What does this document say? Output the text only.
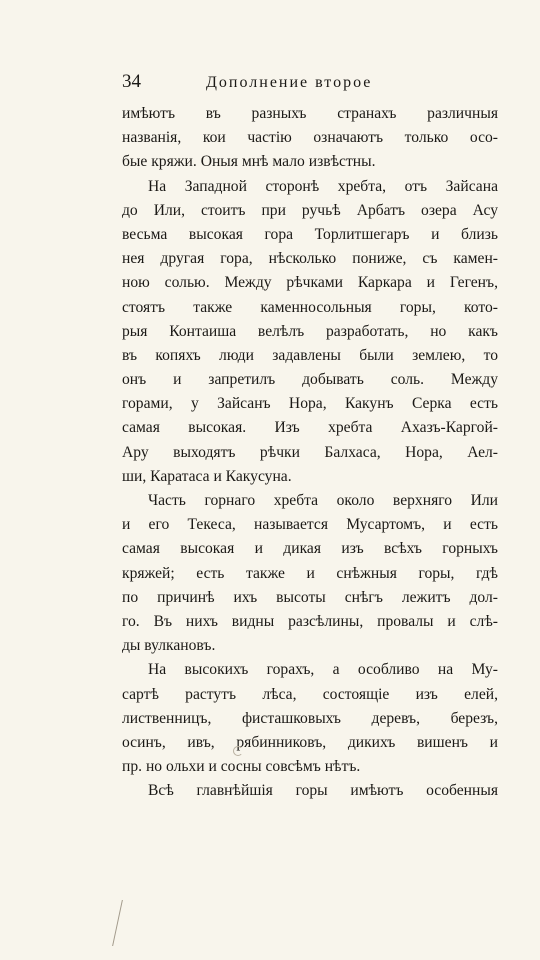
34	Дополнение второе
имѣютъ въ разныхъ странахъ различныя
названія, кои частію означаютъ только осо-
бые кряжи. Оныя мнѣ мало извѣстны.
На Западной сторонѣ хребта, отъ Зайсана
до Или, стоитъ при ручьѣ Арбатъ озера Асу
весьма высокая гора Торлитшегаръ и близь
нея другая гора, нѣсколько пониже, съ камен-
ною солью. Между рѣчками Каркара и Гегенъ,
стоятъ также каменносольныя горы, кото-
рыя Контаиша велѣлъ разработать, но какъ
въ копяхъ люди задавлены были землею, то
онъ и запретилъ добывать соль. Между
горами, у Зайсанъ Нора, Какунъ Серка есть
самая высокая. Изъ хребта Ахазъ-Каргой-
Ару выходятъ рѣчки Балхаса, Нора, Аел-
ши, Каратаса и Какусуна.
Часть горнаго хребта около верхняго Или
и его Текеса, называется Мусартомъ, и есть
самая высокая и дикая изъ всѣхъ горныхъ
кряжей; есть также и снѣжныя горы, гдѣ
по причинѣ ихъ высоты снѣгъ лежитъ дол-
го. Въ нихъ видны разсѣлины, провалы и слѣ-
ды вулкановъ.
На высокихъ горахъ, а особливо на Му-
сартѣ растутъ лѣса, состоящіе изъ елей,
лиственницъ, фисташковыхъ деревъ, березъ,
осинъ, ивъ, рябинниковъ, дикихъ вишенъ и
пр. но ольхи и сосны совсѣмъ нѣтъ.
Всѣ главнѣйшія горы имѣютъ особенныя
